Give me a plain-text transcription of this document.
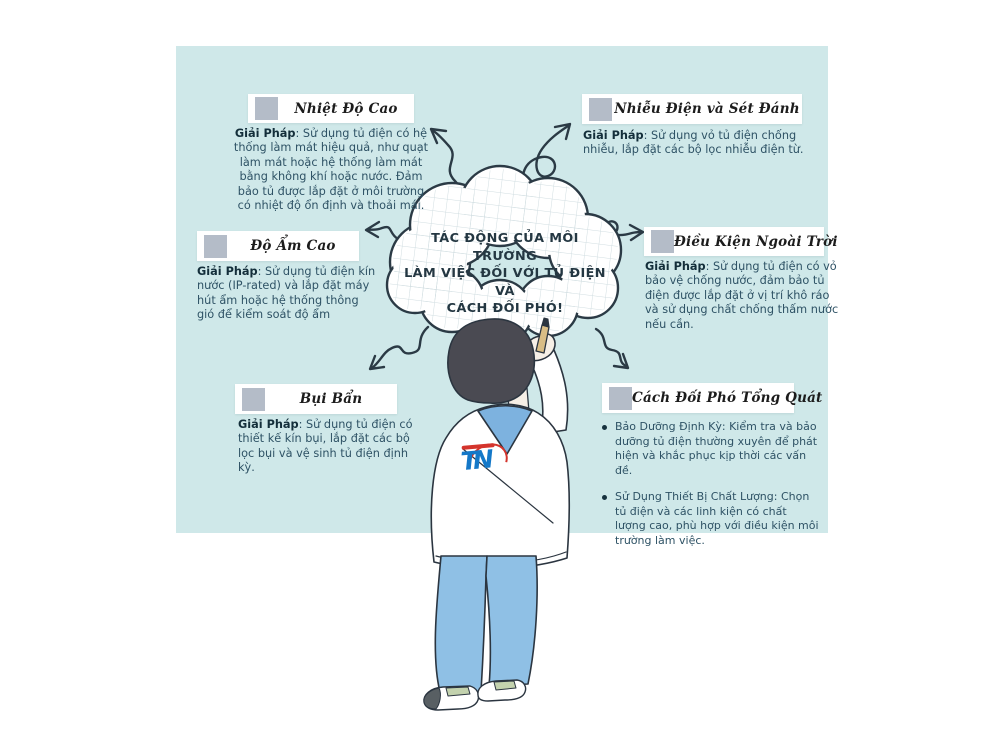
TÁC ĐỘNG CỦA MÔI TRƯỜNG
LÀM VIỆC ĐỐI VỚI TỦ ĐIỆN
VÀ
CÁCH ĐỐI PHÓ!
Nhiệt Độ Cao
Giải Pháp: Sử dụng tủ điện có hệ thống làm mát hiệu quả, như quạt làm mát hoặc hệ thống làm mát bằng không khí hoặc nước. Đảm bảo tủ được lắp đặt ở môi trường có nhiệt độ ổn định và thoải mái.
Nhiễu Điện và Sét Đánh
Giải Pháp: Sử dụng vỏ tủ điện chống nhiễu, lắp đặt các bộ lọc nhiễu điện từ.
Độ Ẩm Cao
Giải Pháp: Sử dụng tủ điện kín nước (IP-rated) và lắp đặt máy hút ẩm hoặc hệ thống thông gió để kiểm soát độ ẩm
Điều Kiện Ngoài Trời
Giải Pháp: Sử dụng tủ điện có vỏ bảo vệ chống nước, đảm bảo tủ điện được lắp đặt ở vị trí khô ráo và sử dụng chất chống thấm nước nếu cần.
Bụi Bẩn
Giải Pháp: Sử dụng tủ điện có thiết kế kín bụi, lắp đặt các bộ lọc bụi và vệ sinh tủ điện định kỳ.
Cách Đối Phó Tổng Quát
Bảo Dưỡng Định Kỳ: Kiểm tra và bảo dưỡng tủ điện thường xuyên để phát hiện và khắc phục kịp thời các vấn đề.
Sử Dụng Thiết Bị Chất Lượng: Chọn tủ điện và các linh kiện có chất lượng cao, phù hợp với điều kiện môi trường làm việc.
TN
